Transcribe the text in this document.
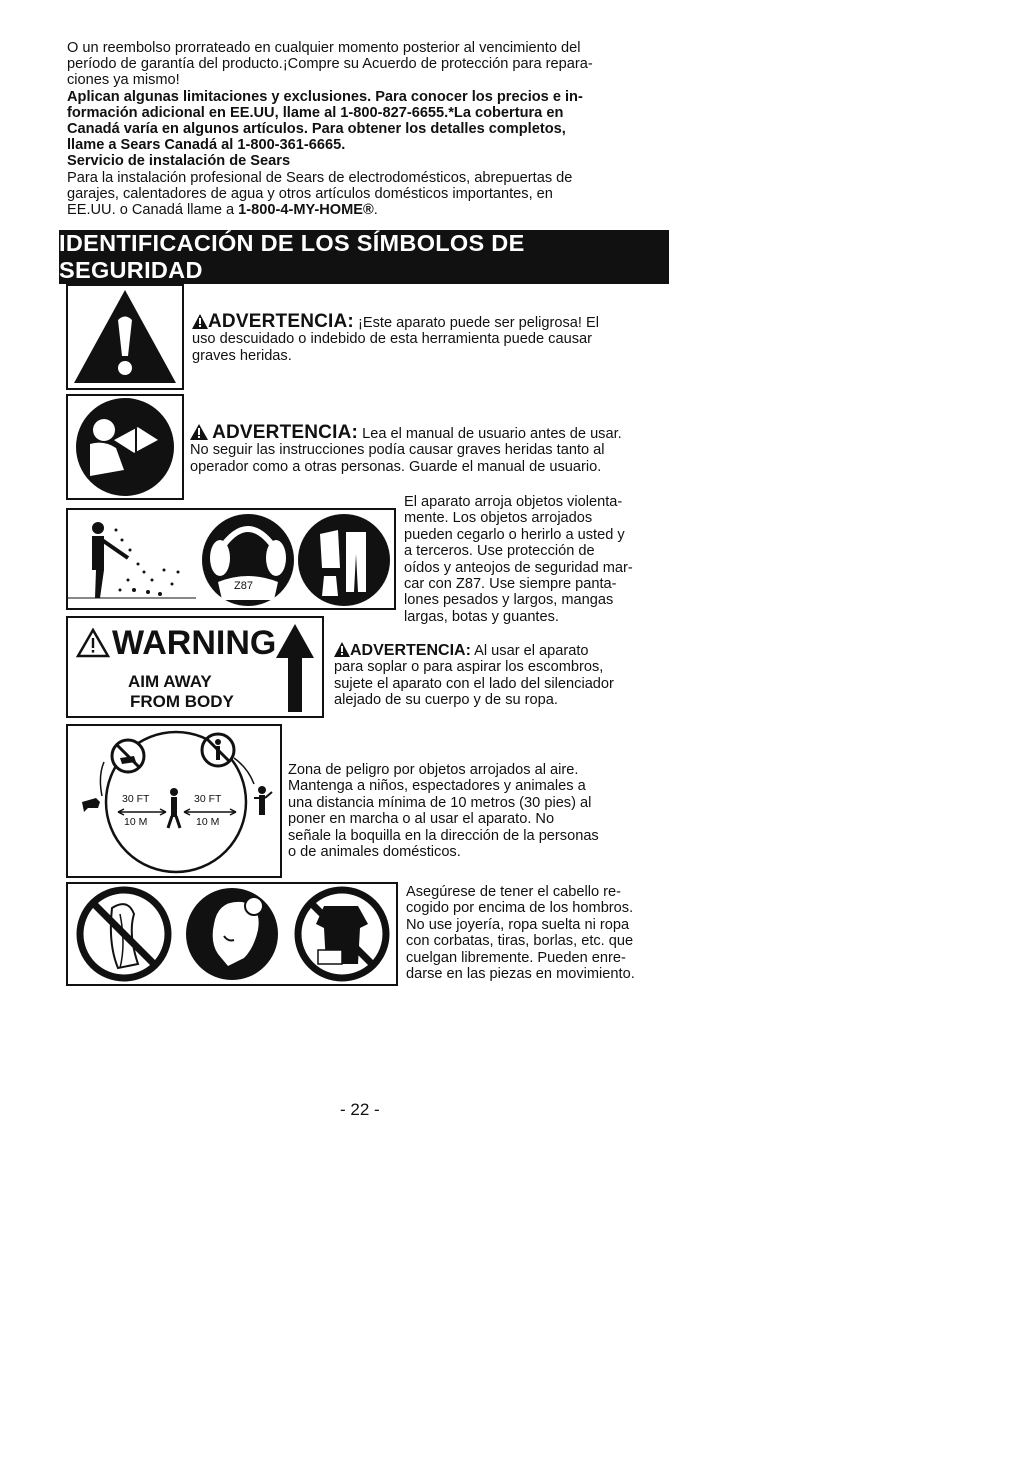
O un reembolso prorrateado en cualquier momento posterior al vencimiento del

período de garantía del producto.¡Compre su Acuerdo de protección para repara-

ciones ya mismo!

Aplican algunas limitaciones y exclusiones. Para conocer los precios e in-

formación adicional en EE.UU, llame al 1-800-827-6655.*La cobertura en

Canadá varía en algunos artículos. Para obtener los detalles completos,

llame a Sears Canadá al 1-800-361-6665.

Servicio de instalación de Sears

Para la instalación profesional de Sears de electrodomésticos, abrepuertas de

garajes, calentadores de agua y otros artículos domésticos importantes, en

EE.UU. o Canadá llame a 1-800-4-MY-HOME®.

IDENTIFICACIÓN DE LOS SÍMBOLOS DE SEGURIDAD
ADVERTENCIA: ¡Este aparato puede ser peligrosa! El
uso descuidado o indebido de esta herramienta puede causar
graves heridas.
ADVERTENCIA: Lea el manual de usuario antes de usar.
No seguir las instrucciones podía causar graves heridas tanto al
operador como a otras personas. Guarde el manual de usuario.
Z87
El aparato arroja objetos violenta-
mente. Los objetos arrojados
pueden cegarlo o herirlo a usted y
a terceros. Use protección de
oídos y anteojos de seguridad mar-
car con Z87. Use siempre panta-
lones pesados y largos, mangas
largas, botas y guantes.
WARNING
AIM AWAY
FROM BODY
ADVERTENCIA: Al usar el aparato
para soplar o para aspirar los escombros,
sujete el aparato con el lado del silenciador
alejado de su cuerpo y de su ropa.
30 FT
10 M
30 FT
10 M
Zona de peligro por objetos arrojados al aire.
Mantenga a niños, espectadores y animales a
una distancia mínima de 10 metros (30 pies) al
poner en marcha o al usar el aparato. No
señale la boquilla en la dirección de la personas
o de animales domésticos.
Asegúrese de tener el cabello re-
cogido por encima de los hombros.
No use joyería, ropa suelta ni ropa
con corbatas, tiras, borlas, etc. que
cuelgan libremente. Pueden enre-
darse en las piezas en movimiento.
- 22 -
